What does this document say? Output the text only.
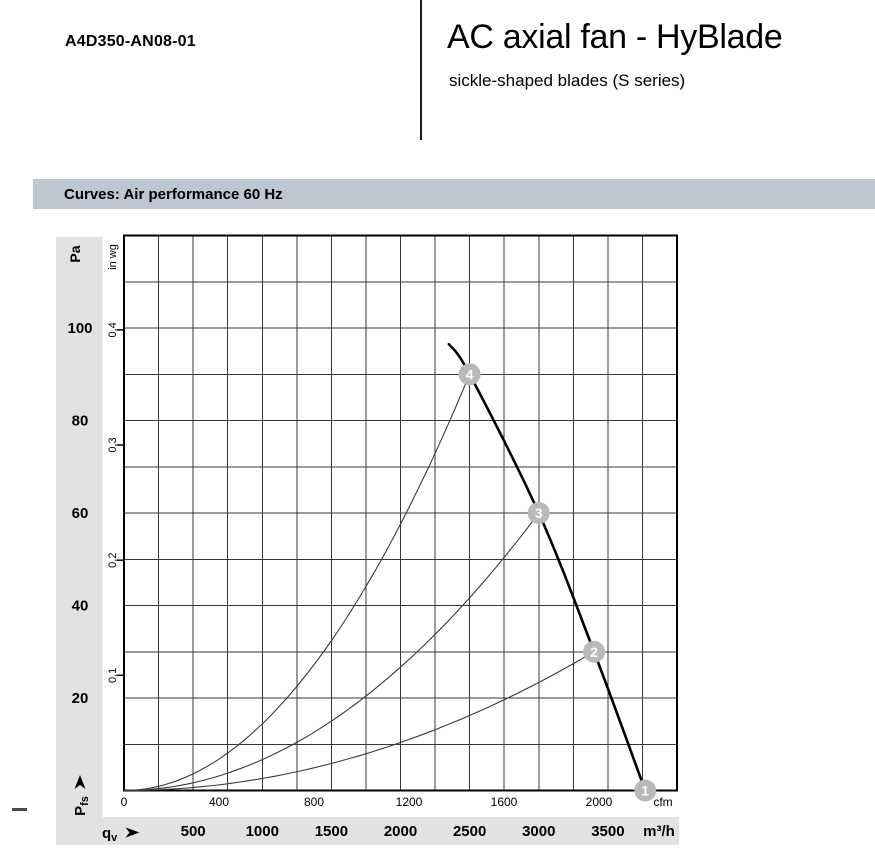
A4D350-AN08-01	AC axial fan - HyBlade
sickle-shaped blades (S series)
Curves: Air performance 60 Hz
0.1
0.2
0.3
0.4
20
40
60
80
100
Pa in wg
$P_{fs}$ 0	400	800	1200	1600	2000	cfm
500	1000 1500 2000 2500 3000 3500 m³/h
$q_v$
4
3
2
1
